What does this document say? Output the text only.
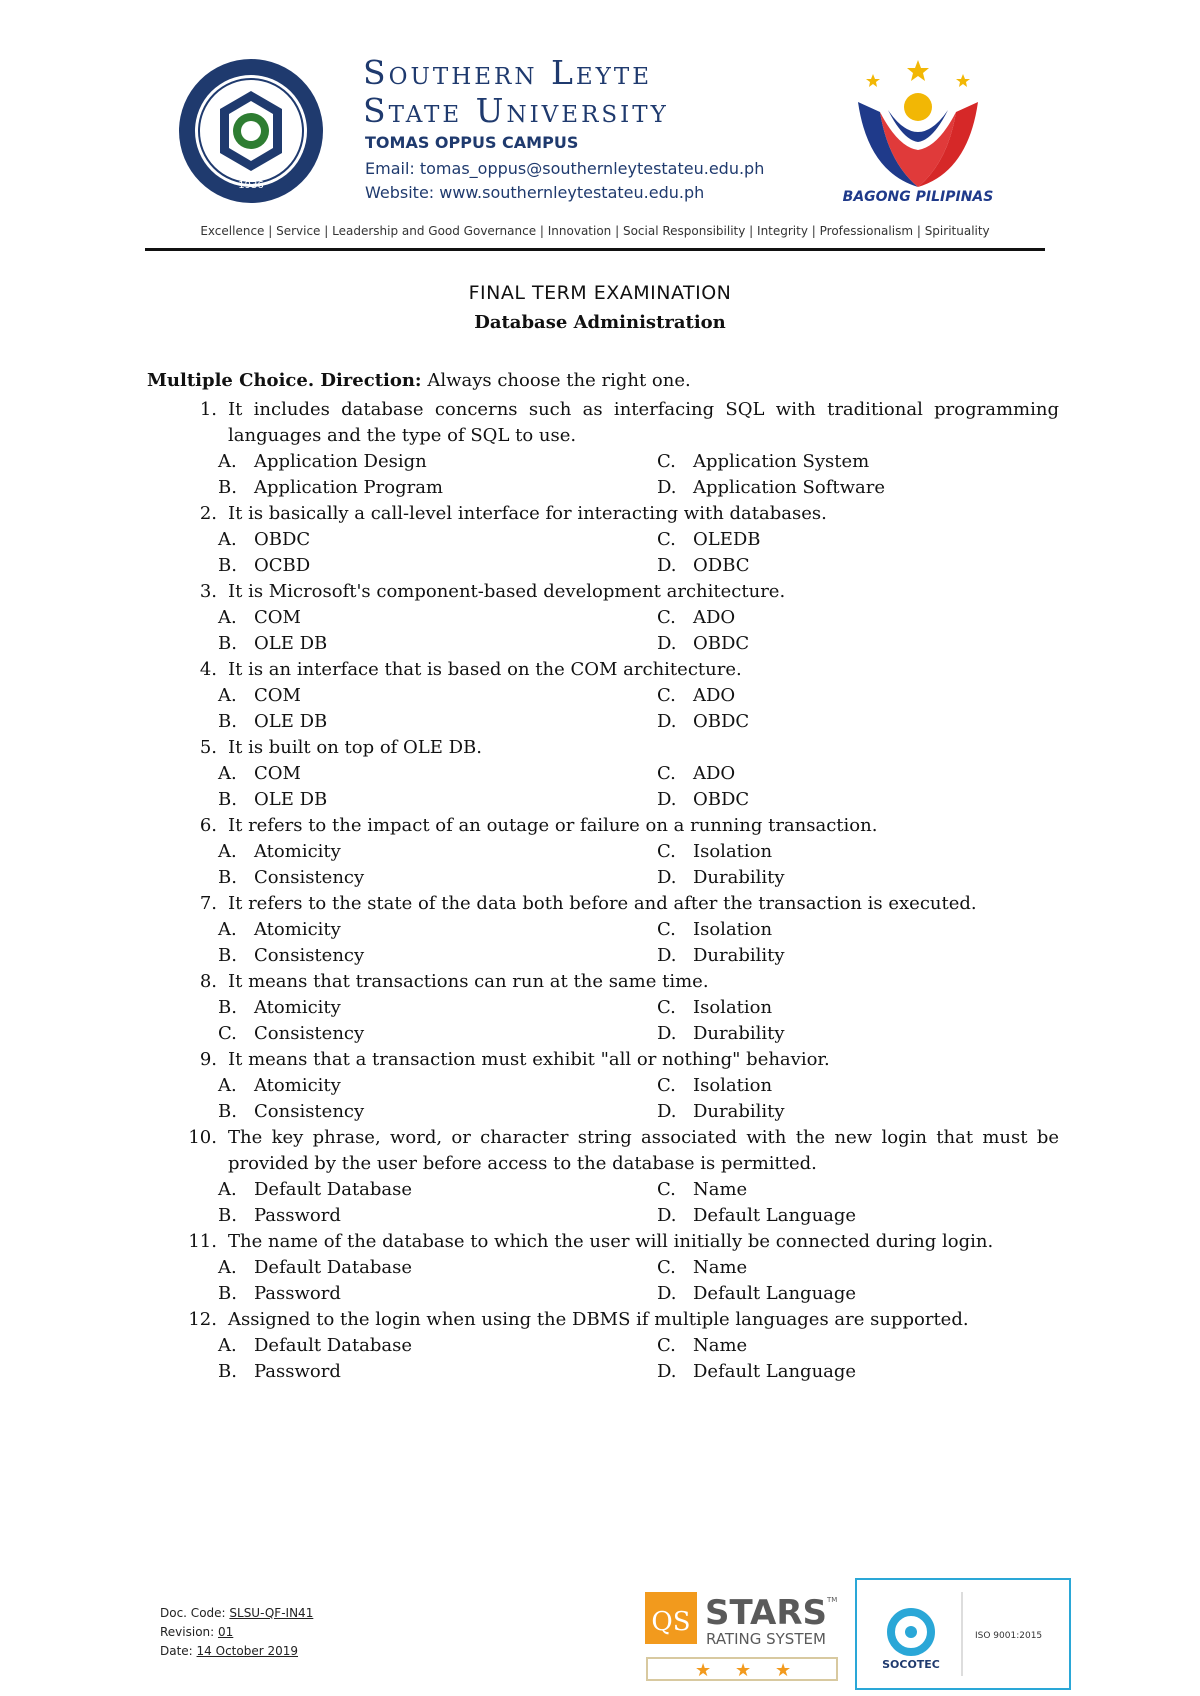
1936
Southern Leyte
State University
TOMAS OPPUS CAMPUS
Email: tomas_oppus@southernleytestateu.edu.ph
Website: www.southernleytestateu.edu.ph	BAGONG PILIPINAS
Excellence | Service | Leadership and Good Governance | Innovation | Social Responsibility | Integrity | Professionalism | Spirituality
FINAL TERM EXAMINATION
Database Administration
Multiple Choice. Direction: Always choose the right one.
1. It includes database concerns such as interfacing SQL with traditional programming languages and the type of SQL to use.
A. Application Design	C. Application System
B. Application Program	D. Application Software
2. It is basically a call-level interface for interacting with databases.
A. OBDC	C. OLEDB
B. OCBD	D. ODBC
3. It is Microsoft's component-based development architecture.
A. COM	C. ADO
B. OLE DB	D. OBDC
4. It is an interface that is based on the COM architecture.
A. COM	C. ADO
B. OLE DB	D. OBDC
5. It is built on top of OLE DB.
A. COM	C. ADO
B. OLE DB	D. OBDC
6. It refers to the impact of an outage or failure on a running transaction.
A. Atomicity	C. Isolation
B. Consistency	D. Durability
7. It refers to the state of the data both before and after the transaction is executed.
A. Atomicity	C. Isolation
B. Consistency	D. Durability
8. It means that transactions can run at the same time.
B. Atomicity	C. Isolation
C. Consistency	D. Durability
9. It means that a transaction must exhibit "all or nothing" behavior.
A. Atomicity	C. Isolation
B. Consistency	D. Durability
10. The key phrase, word, or character string associated with the new login that must be provided by the user before access to the database is permitted.
A. Default Database	C. Name
B. Password	D. Default Language
11. The name of the database to which the user will initially be connected during login.
A. Default Database	C. Name
B. Password	D. Default Language
12. Assigned to the login when using the DBMS if multiple languages are supported.
A. Default Database	C. Name
B. Password	D. Default Language
Doc. Code: SLSU-QF-IN41
Revision: 01
Date: 14 October 2019
QS STARS TM
RATING SYSTEM
★ ★ ★	SOCOTEC
ISO 9001:2015
